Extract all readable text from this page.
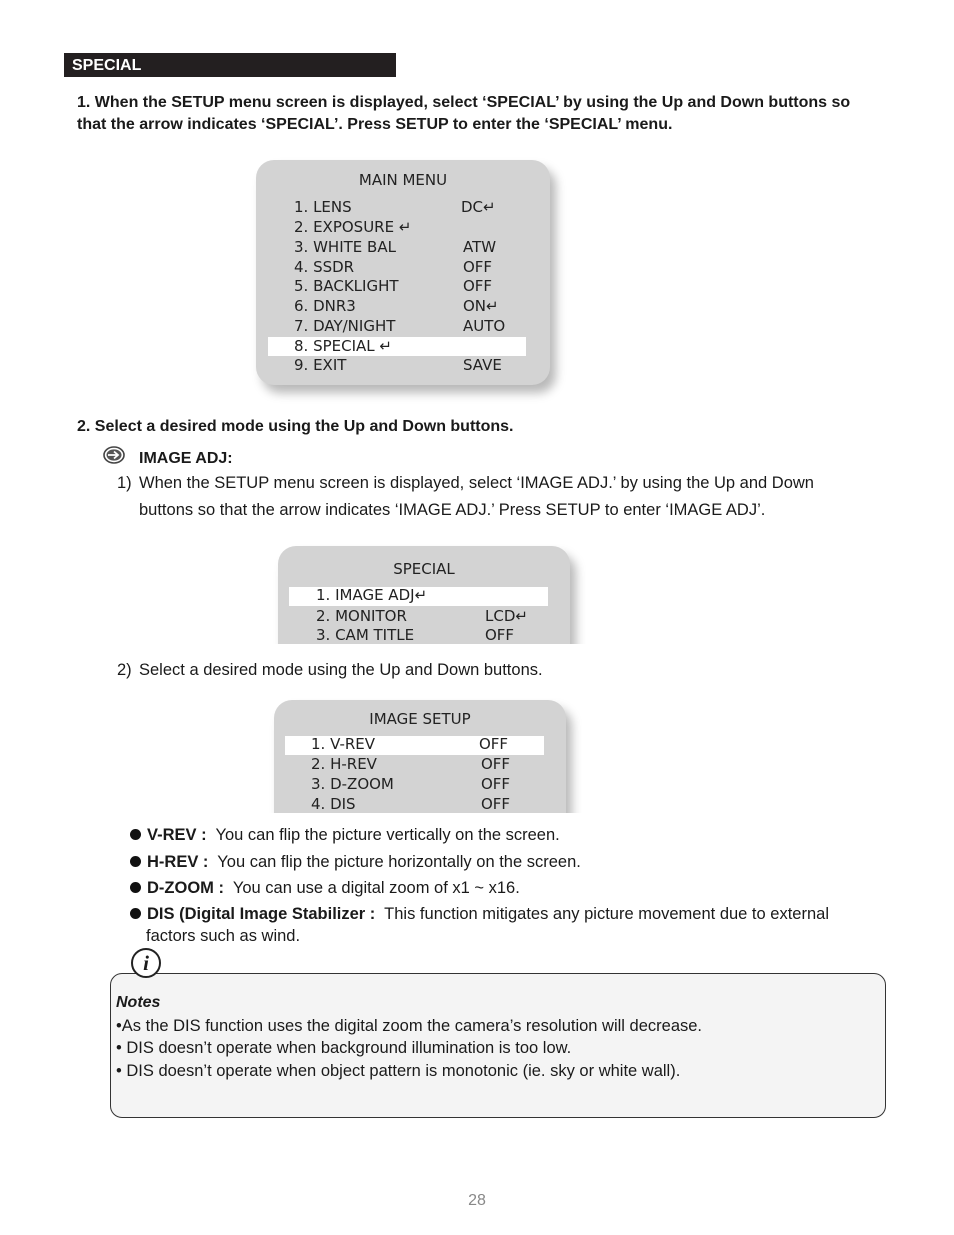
SPECIAL
1. When the SETUP menu screen is displayed, select ‘SPECIAL’ by using the Up and Down buttons so
that the arrow indicates ‘SPECIAL’. Press SETUP to enter the ‘SPECIAL’ menu.
MAIN MENU
1. LENS	DC↵
2. EXPOSURE ↵
3. WHITE BAL	ATW
4. SSDR	OFF
5. BACKLIGHT	OFF
6. DNR3	ON↵
7. DAY/NIGHT	AUTO
8. SPECIAL ↵
9. EXIT	SAVE
2. Select a desired mode using the Up and Down buttons.
IMAGE ADJ:
1) When the SETUP menu screen is displayed, select ‘IMAGE ADJ.’ by using the Up and Down
buttons so that the arrow indicates ‘IMAGE ADJ.’ Press SETUP to enter ‘IMAGE ADJ’.
SPECIAL
1. IMAGE ADJ↵
2. MONITOR	LCD↵
3. CAM TITLE	OFF
2) Select a desired mode using the Up and Down buttons.
IMAGE SETUP
1. V-REV	OFF
2. H-REV	OFF
3. D-ZOOM	OFF
4. DIS	OFF
V-REV : You can flip the picture vertically on the screen.
H-REV : You can flip the picture horizontally on the screen.
D-ZOOM : You can use a digital zoom of x1 ~ x16.
DIS (Digital Image Stabilizer : This function mitigates any picture movement due to external
factors such as wind.
Notes
•As the DIS function uses the digital zoom the camera’s resolution will decrease.
• DIS doesn’t operate when background illumination is too low.
• DIS doesn’t operate when object pattern is monotonic (ie. sky or white wall).
i
28
